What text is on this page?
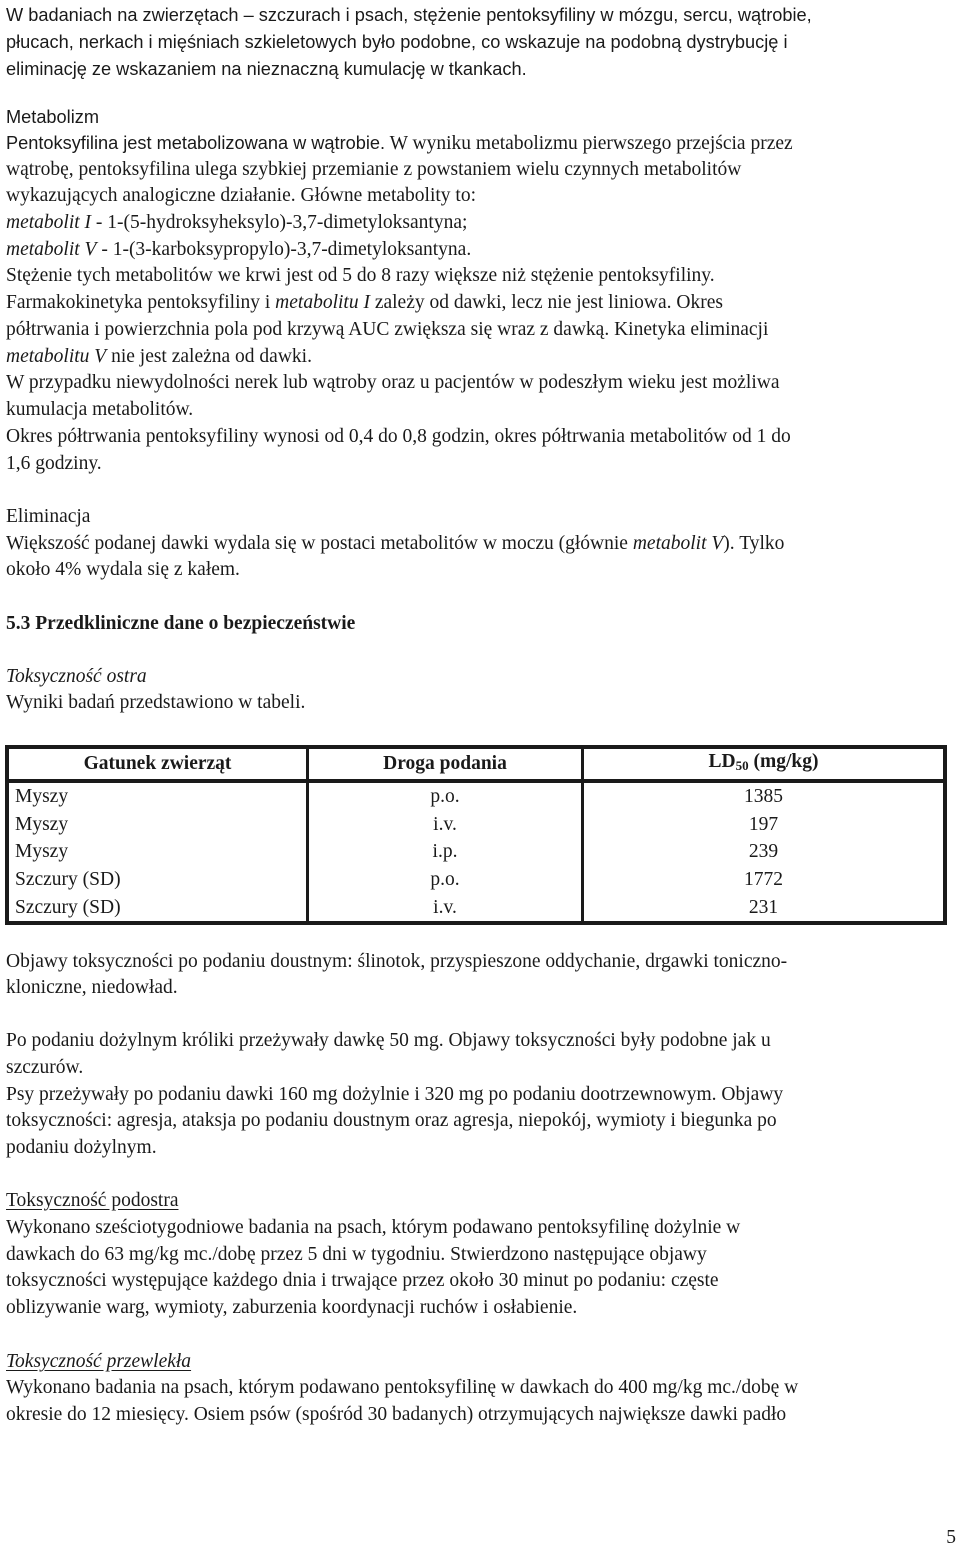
W badaniach na zwierzętach – szczurach i psach, stężenie pentoksyfiliny w mózgu, sercu, wątrobie,
płucach, nerkach i mięśniach szkieletowych było podobne, co wskazuje na podobną dystrybucję i
eliminację ze wskazaniem na nieznaczną kumulację w tkankach.
Metabolizm
Pentoksyfilina jest metabolizowana w wątrobie. W wyniku metabolizmu pierwszego przejścia przez
wątrobę, pentoksyfilina ulega szybkiej przemianie z powstaniem wielu czynnych metabolitów
wykazujących analogiczne działanie. Główne metabolity to:
metabolit I - 1-(5-hydroksyheksylo)-3,7-dimetyloksantyna;
metabolit V - 1-(3-karboksypropylo)-3,7-dimetyloksantyna.
Stężenie tych metabolitów we krwi jest od 5 do 8 razy większe niż stężenie pentoksyfiliny.
Farmakokinetyka pentoksyfiliny i metabolitu I zależy od dawki, lecz nie jest liniowa. Okres
półtrwania i powierzchnia pola pod krzywą AUC zwiększa się wraz z dawką. Kinetyka eliminacji
metabolitu V nie jest zależna od dawki.
W przypadku niewydolności nerek lub wątroby oraz u pacjentów w podeszłym wieku jest możliwa
kumulacja metabolitów.
Okres półtrwania pentoksyfiliny wynosi od 0,4 do 0,8 godzin, okres półtrwania metabolitów od 1 do
1,6 godziny.
Eliminacja
Większość podanej dawki wydala się w postaci metabolitów w moczu (głównie metabolit V). Tylko
około 4% wydala się z kałem.
5.3 Przedkliniczne dane o bezpieczeństwie
Toksyczność ostra
Wyniki badań przedstawiono w tabeli.
Gatunek zwierząt	Droga podania	$LD_{50}$ (mg/kg)
Myszy	p.o.	1385
Myszy	i.v.	197
Myszy	i.p.	239
Szczury (SD)	p.o.	1772
Szczury (SD)	i.v.	231
Objawy toksyczności po podaniu doustnym: ślinotok, przyspieszone oddychanie, drgawki toniczno-
kloniczne, niedowład.
Po podaniu dożylnym króliki przeżywały dawkę 50 mg. Objawy toksyczności były podobne jak u
szczurów.
Psy przeżywały po podaniu dawki 160 mg dożylnie i 320 mg po podaniu dootrzewnowym. Objawy
toksyczności: agresja, ataksja po podaniu doustnym oraz agresja, niepokój, wymioty i biegunka po
podaniu dożylnym.
Toksyczność podostra
Wykonano sześciotygodniowe badania na psach, którym podawano pentoksyfilinę dożylnie w
dawkach do 63 mg/kg mc./dobę przez 5 dni w tygodniu. Stwierdzono następujące objawy
toksyczności występujące każdego dnia i trwające przez około 30 minut po podaniu: częste
oblizywanie warg, wymioty, zaburzenia koordynacji ruchów i osłabienie.
Toksyczność przewlekła
Wykonano badania na psach, którym podawano pentoksyfilinę w dawkach do 400 mg/kg mc./dobę w
okresie do 12 miesięcy. Osiem psów (spośród 30 badanych) otrzymujących największe dawki padło
5
